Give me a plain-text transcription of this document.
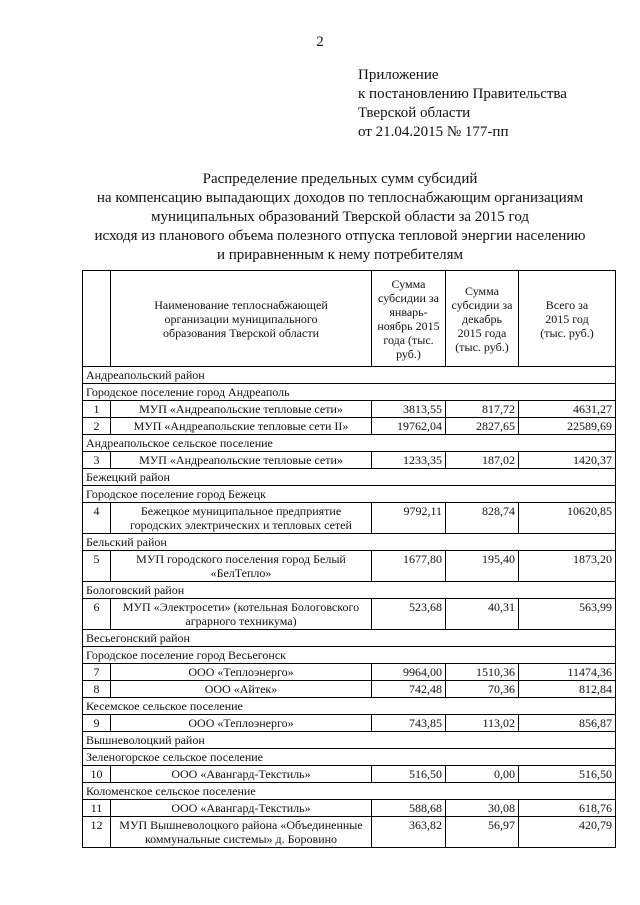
2
Приложение
к постановлению Правительства
Тверской области
от 21.04.2015 № 177-пп
Распределение предельных сумм субсидий
на компенсацию выпадающих доходов по теплоснабжающим организациям
муниципальных образований Тверской области за 2015 год
исходя из планового объема полезного отпуска тепловой энергии населению
и приравненным к нему потребителям
	Наименование теплоснабжающей организации муниципального образования Тверской области	Сумма субсидии за январь-ноябрь 2015 года (тыс. руб.)	Сумма субсидии за декабрь 2015 года (тыс. руб.)	Всего за 2015 год (тыс. руб.)
Андреапольский район				
Городское поселение город Андреаполь				
1	МУП «Андреапольские тепловые сети»	3813,55	817,72	4631,27
2	МУП «Андреапольские тепловые сети II»	19762,04	2827,65	22589,69
Андреапольское сельское поселение				
3	МУП «Андреапольские тепловые сети»	1233,35	187,02	1420,37
Бежецкий район				
Городское поселение город Бежецк				
4	Бежецкое муниципальное предприятие городских электрических и тепловых сетей	9792,11	828,74	10620,85
Бельский район				
5	МУП городского поселения город Белый «БелТепло»	1677,80	195,40	1873,20
Бологовский район				
6	МУП «Электросети» (котельная Бологовского аграрного техникума)	523,68	40,31	563,99
Весьегонский район				
Городское поселение город Весьегонск				
7	ООО «Теплоэнерго»	9964,00	1510,36	11474,36
8	ООО «Айтек»	742,48	70,36	812,84
Кесемское сельское поселение				
9	ООО «Теплоэнерго»	743,85	113,02	856,87
Вышневолоцкий район				
Зеленогорское сельское поселение				
10	ООО «Авангард-Текстиль»	516,50	0,00	516,50
Коломенское сельское поселение				
11	ООО «Авангард-Текстиль»	588,68	30,08	618,76
12	МУП Вышневолоцкого района «Объединенные коммунальные системы» д. Боровино	363,82	56,97	420,79
